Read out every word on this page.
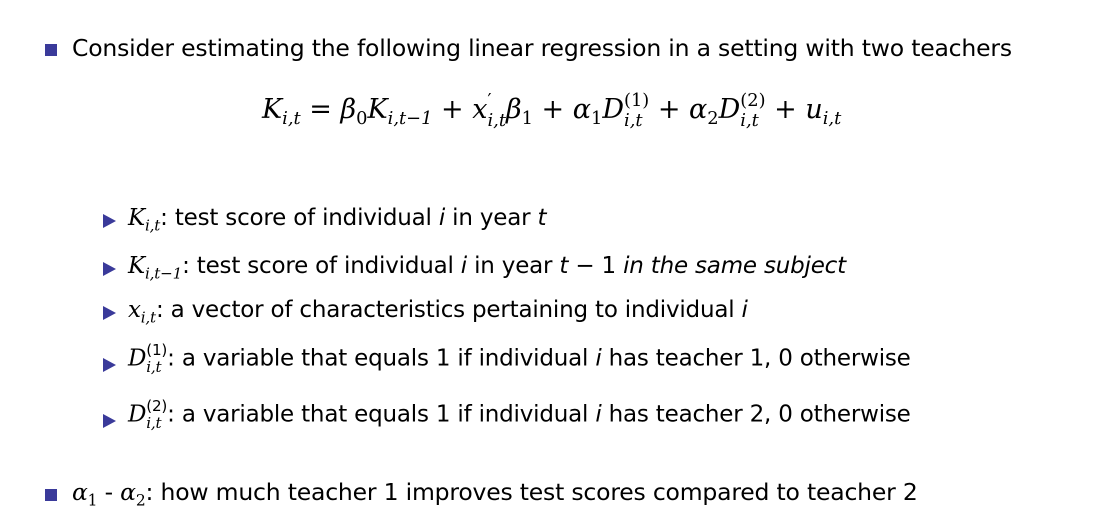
Consider estimating the following linear regression in a setting with two teachers
$K_{i,t} = \beta_0K_{i,t-1} + x$ ′
i,t $\beta_1 + \alpha_1D$ (1)
$i,t + \alpha_2D$ (2)
$i,t + u_{i,t}$
$K_{i,t}$: test score of individual i in year t
$K_{i,t-1}$: test score of individual i in year t − 1 in the same subject
$x_{i,t}$: a vector of characteristics pertaining to individual i
D (1)
i,t : a variable that equals 1 if individual i has teacher 1, 0 otherwise
D (2)
i,t : a variable that equals 1 if individual i has teacher 2, 0 otherwise
$\alpha_1 - \alpha_2$: how much teacher 1 improves test scores compared to teacher 2
